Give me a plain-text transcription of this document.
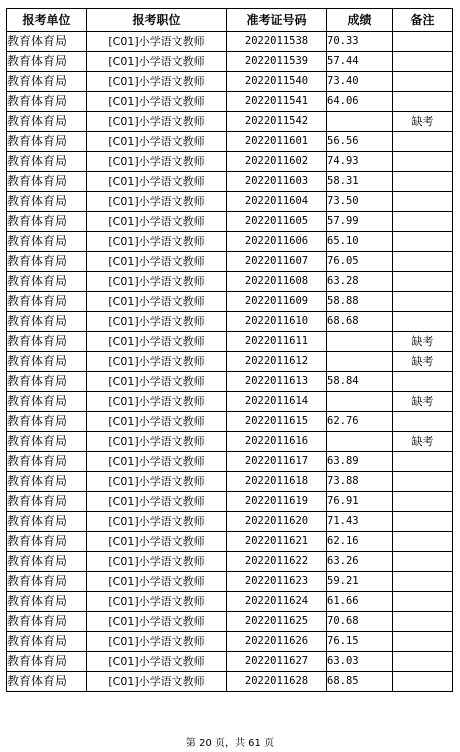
报考单位	报考职位	准考证号码	成绩	备注
教育体育局	[C01]小学语文教师	2022011538	70.33	
教育体育局	[C01]小学语文教师	2022011539	57.44	
教育体育局	[C01]小学语文教师	2022011540	73.40	
教育体育局	[C01]小学语文教师	2022011541	64.06	
教育体育局	[C01]小学语文教师	2022011542		缺考
教育体育局	[C01]小学语文教师	2022011601	56.56	
教育体育局	[C01]小学语文教师	2022011602	74.93	
教育体育局	[C01]小学语文教师	2022011603	58.31	
教育体育局	[C01]小学语文教师	2022011604	73.50	
教育体育局	[C01]小学语文教师	2022011605	57.99	
教育体育局	[C01]小学语文教师	2022011606	65.10	
教育体育局	[C01]小学语文教师	2022011607	76.05	
教育体育局	[C01]小学语文教师	2022011608	63.28	
教育体育局	[C01]小学语文教师	2022011609	58.88	
教育体育局	[C01]小学语文教师	2022011610	68.68	
教育体育局	[C01]小学语文教师	2022011611		缺考
教育体育局	[C01]小学语文教师	2022011612		缺考
教育体育局	[C01]小学语文教师	2022011613	58.84	
教育体育局	[C01]小学语文教师	2022011614		缺考
教育体育局	[C01]小学语文教师	2022011615	62.76	
教育体育局	[C01]小学语文教师	2022011616		缺考
教育体育局	[C01]小学语文教师	2022011617	63.89	
教育体育局	[C01]小学语文教师	2022011618	73.88	
教育体育局	[C01]小学语文教师	2022011619	76.91	
教育体育局	[C01]小学语文教师	2022011620	71.43	
教育体育局	[C01]小学语文教师	2022011621	62.16	
教育体育局	[C01]小学语文教师	2022011622	63.26	
教育体育局	[C01]小学语文教师	2022011623	59.21	
教育体育局	[C01]小学语文教师	2022011624	61.66	
教育体育局	[C01]小学语文教师	2022011625	70.68	
教育体育局	[C01]小学语文教师	2022011626	76.15	
教育体育局	[C01]小学语文教师	2022011627	63.03	
教育体育局	[C01]小学语文教师	2022011628	68.85	
第 20 页，共 61 页
